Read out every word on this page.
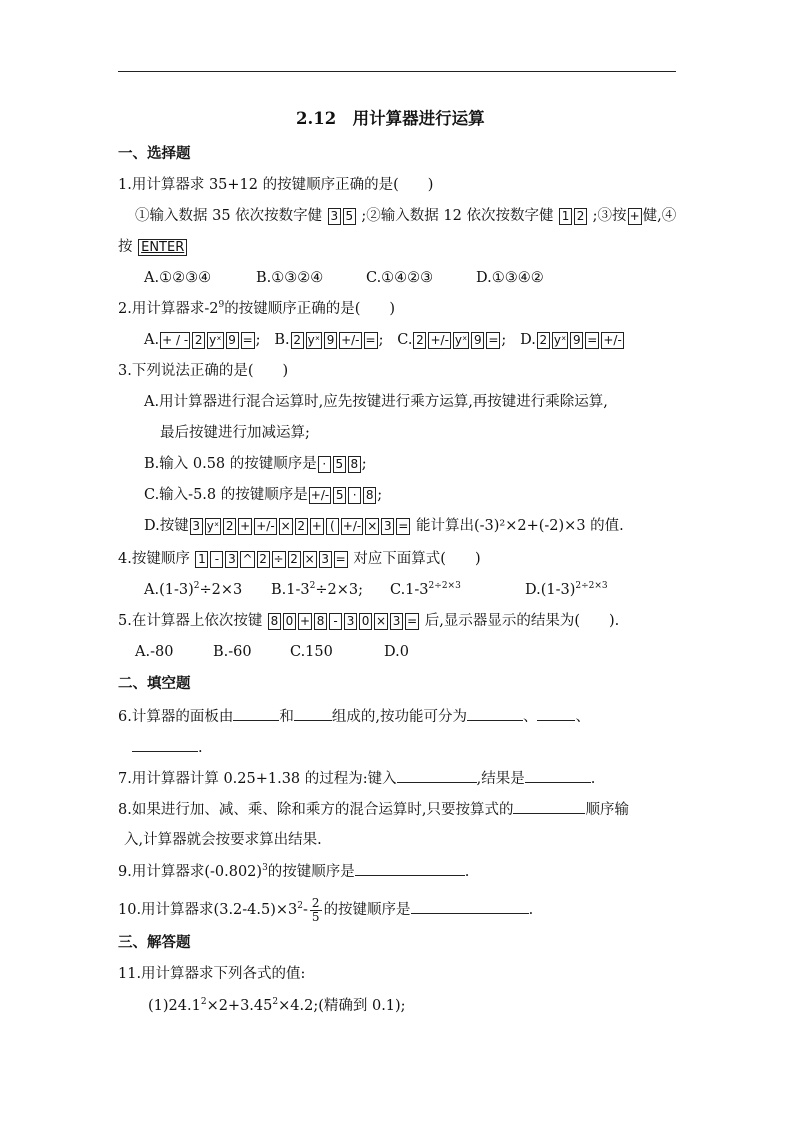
2.12　用计算器进行运算
一、选择题
1.用计算器求 35+12 的按键顺序正确的是(　　)
①输入数据 35 依次按数字健 3 5 ;②输入数据 12 依次按数字健 1 2 ;③按 + 健,④
按 ENTER
A.①②③④	B.①③②④	C.①④②③	D.①③④②
2.用计算器求$-2^9$的按键顺序正确的是(　　)
A. + / - 2 yˣ 9 = ; B. 2 yˣ 9 +/- = ; C. 2 +/- yˣ 9 = ; D. 2 yˣ 9 = +/-
3.下列说法正确的是(　　)
A.用计算器进行混合运算时,应先按键进行乘方运算,再按键进行乘除运算,
最后按键进行加减运算;
B.输入 0.58 的按键顺序是 · 5 8 ;
C.输入-5.8 的按键顺序是 +/- 5 · 8 ;
D.按键 3 yˣ 2 + +/- × 2 + ( +/- × 3 = 能计算出(-3)²×2+(-2)×3 的值.
4.按键顺序 1 - 3 ^ 2 ÷ 2 × 3 = 对应下面算式(　　)
$A.(1-3)^2\div 2\times 3$ $B.1-3^2\div 2\times 3$; $C.1-3^{2\div 2\times 3}$	$D.(1-3)^{2\div 2\times 3}$
5.在计算器上依次按键 8 0 + 8 - 3 0 × 3 = 后,显示器显示的结果为(　　).
A.-80	B.-60	C.150	D.0
二、填空题
6.计算器的面板由	和	组成的,按功能可分为	、	、
.
7.用计算器计算 0.25+1.38 的过程为:键入	,结果是	.
8.如果进行加、减、乘、除和乘方的混合运算时,只要按算式的	顺序输
入,计算器就会按要求算出结果.
9.用计算器求$(-0.802)^3$的按键顺序是	.
10.用计算器求$(3.2-4.5)\times 3^2- \frac{2}{5}$ 的按键顺序是	.
三、解答题
11.用计算器求下列各式的值:
$(1)24.1^2\times 2+3.45^2\times 4.2$;(精确到 0.1);
